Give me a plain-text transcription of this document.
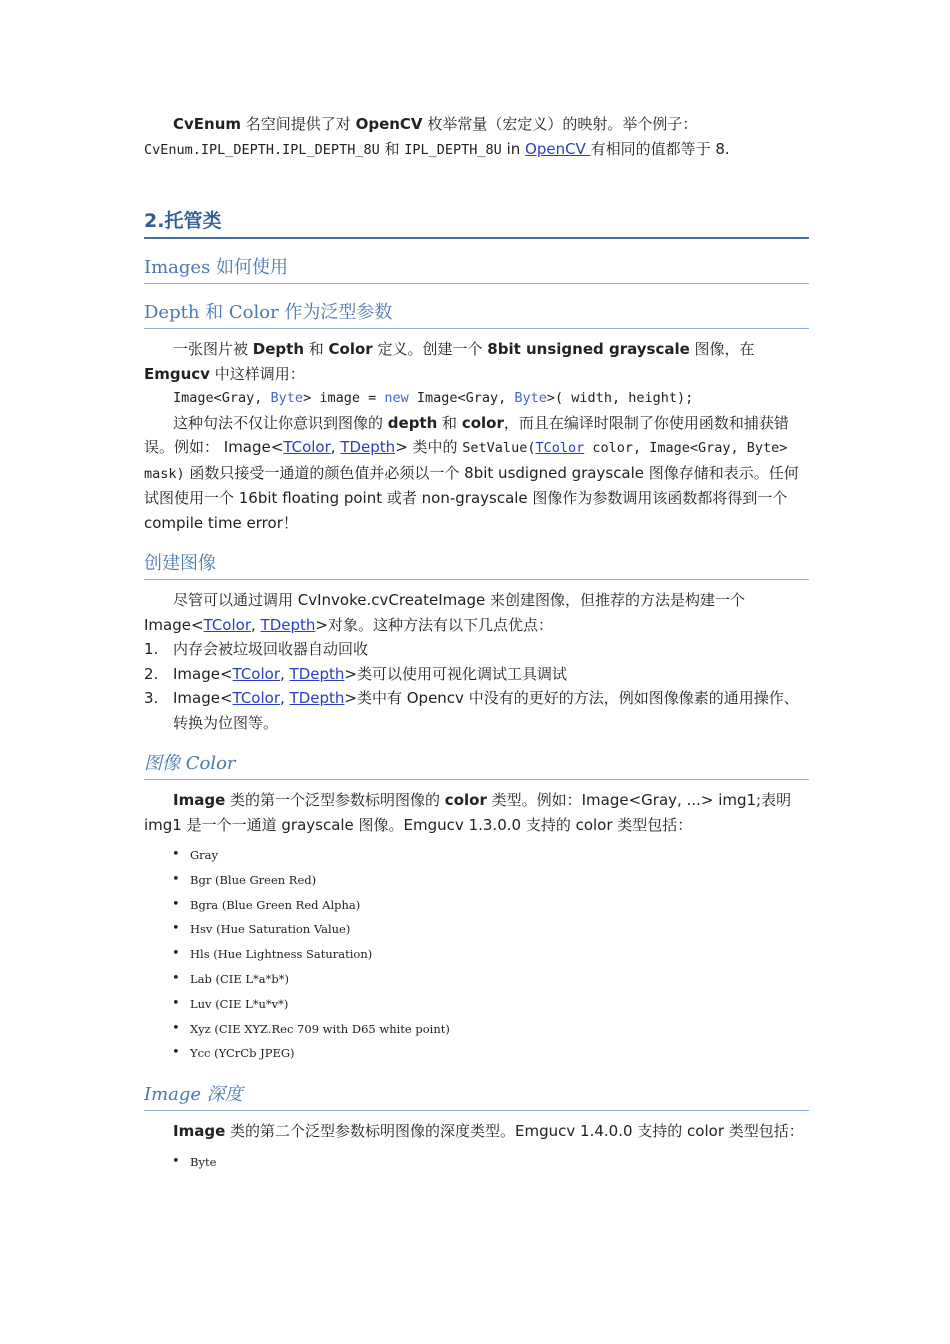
CvEnum 名空间提供了对 OpenCV 枚举常量（宏定义）的映射。举个例子：CvEnum.IPL_DEPTH.IPL_DEPTH_8U 和 IPL_DEPTH_8U in OpenCV 有相同的值都等于 8.

2.托管类
Images 如何使用
Depth 和 Color 作为泛型参数

一张图片被 Depth 和 Color 定义。创建一个 8bit unsigned grayscale 图像，在 Emgucv 中这样调用：

Image<Gray, Byte> image = new Image<Gray, Byte>( width, height);

这种句法不仅让你意识到图像的 depth 和 color，而且在编译时限制了你使用函数和捕获错误。例如： Image<TColor, TDepth> 类中的 SetValue(TColor color, Image<Gray, Byte> mask) 函数只接受一通道的颜色值并必须以一个 8bit usdigned grayscale 图像存储和表示。任何试图使用一个 16bit floating point 或者 non-grayscale 图像作为参数调用该函数都将得到一个 compile time error！

创建图像

尽管可以通过调用 CvInvoke.cvCreateImage 来创建图像，但推荐的方法是构建一个 Image<TColor, TDepth>对象。这种方法有以下几点优点：

1. 内存会被垃圾回收器自动回收
2. Image<TColor, TDepth>类可以使用可视化调试工具调试
3. Image<TColor, TDepth>类中有 Opencv 中没有的更好的方法，例如图像像素的通用操作、转换为位图等。
图像 Color

Image 类的第一个泛型参数标明图像的 color 类型。例如：Image<Gray, ...> img1;表明 img1 是一个一通道 grayscale 图像。Emgucv 1.3.0.0 支持的 color 类型包括：

• Gray
• Bgr (Blue Green Red)
• Bgra (Blue Green Red Alpha)
• Hsv (Hue Saturation Value)
• Hls (Hue Lightness Saturation)
• Lab (CIE L*a*b*)
• Luv (CIE L*u*v*)
• Xyz (CIE XYZ.Rec 709 with D65 white point)
• Ycc (YCrCb JPEG)
Image 深度

Image 类的第二个泛型参数标明图像的深度类型。Emgucv 1.4.0.0 支持的 color 类型包括：

• Byte
